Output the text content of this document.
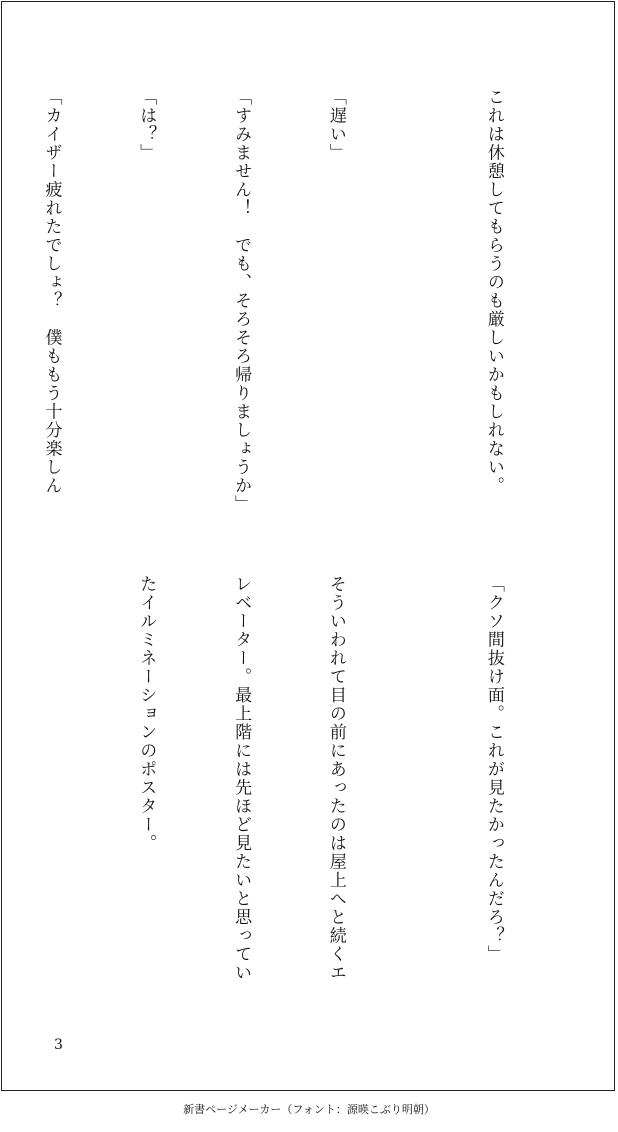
これは休憩してもらうのも厳しいかもしれない。

「遅い」

「すみません！　でも、そろそろ帰りましょうか」

「は？」

「カイザー疲れたでしょ？　僕ももう十分楽しん

「クソ間抜け面。これが見たかったんだろ？」

そういわれて目の前にあったのは屋上へと続くエ

レベーター。最上階には先ほど見たいと思ってい

たイルミネーションのポスター。

3
新書ページメーカー（フォント：源暎こぶり明朝）
